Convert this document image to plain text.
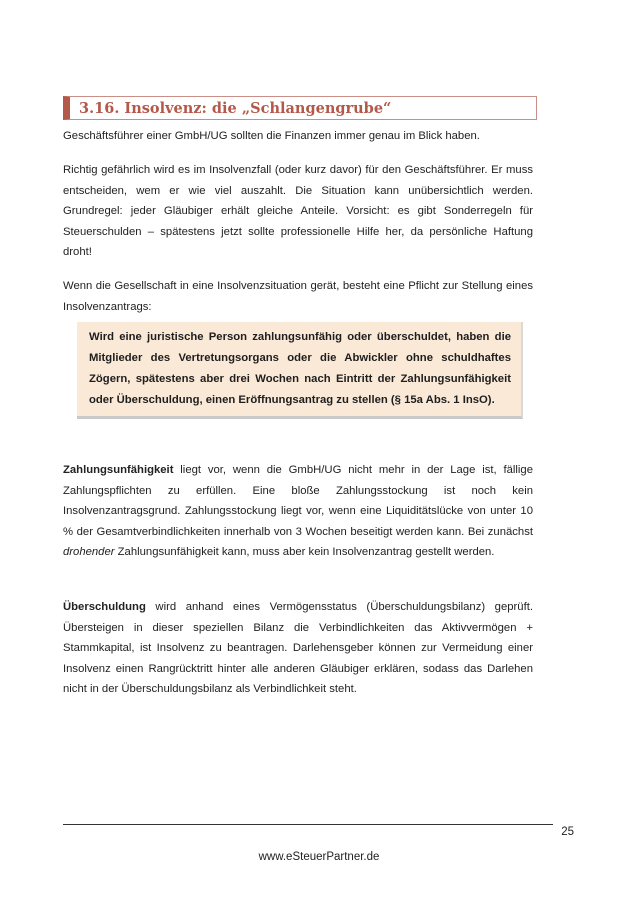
3.16. Insolvenz: die „Schlangengrube“

Geschäftsführer einer GmbH/UG sollten die Finanzen immer genau im Blick haben.

Richtig gefährlich wird es im Insolvenzfall (oder kurz davor) für den Geschäftsführer. Er muss entscheiden, wem er wie viel auszahlt. Die Situation kann unübersichtlich werden. Grundregel: jeder Gläubiger erhält gleiche Anteile. Vorsicht: es gibt Sonderregeln für Steuerschulden – spätestens jetzt sollte professionelle Hilfe her, da persönliche Haftung droht!

Wenn die Gesellschaft in eine Insolvenzsituation gerät, besteht eine Pflicht zur Stellung eines Insolvenzantrags:

Wird eine juristische Person zahlungsunfähig oder überschuldet, haben die

Mitglieder des Vertretungsorgans oder die Abwickler ohne schuldhaftes

Zögern, spätestens aber drei Wochen nach Eintritt der Zahlungsunfähigkeit

oder Überschuldung, einen Eröffnungsantrag zu stellen (§ 15a Abs. 1 InsO).

Zahlungsunfähigkeit liegt vor, wenn die GmbH/UG nicht mehr in der Lage ist, fällige Zahlungspflichten zu erfüllen. Eine bloße Zahlungsstockung ist noch kein Insolvenzantragsgrund. Zahlungsstockung liegt vor, wenn eine Liquiditätslücke von unter 10 % der Gesamtverbindlichkeiten innerhalb von 3 Wochen beseitigt werden kann. Bei zunächst drohender Zahlungsunfähigkeit kann, muss aber kein Insolvenzantrag gestellt werden.

Überschuldung wird anhand eines Vermögensstatus (Überschuldungsbilanz) geprüft. Übersteigen in dieser speziellen Bilanz die Verbindlichkeiten das Aktivvermögen + Stammkapital, ist Insolvenz zu beantragen. Darlehensgeber können zur Vermeidung einer Insolvenz einen Rangrücktritt hinter alle anderen Gläubiger erklären, sodass das Darlehen nicht in der Überschuldungsbilanz als Verbindlichkeit steht.

25
www.eSteuerPartner.de
